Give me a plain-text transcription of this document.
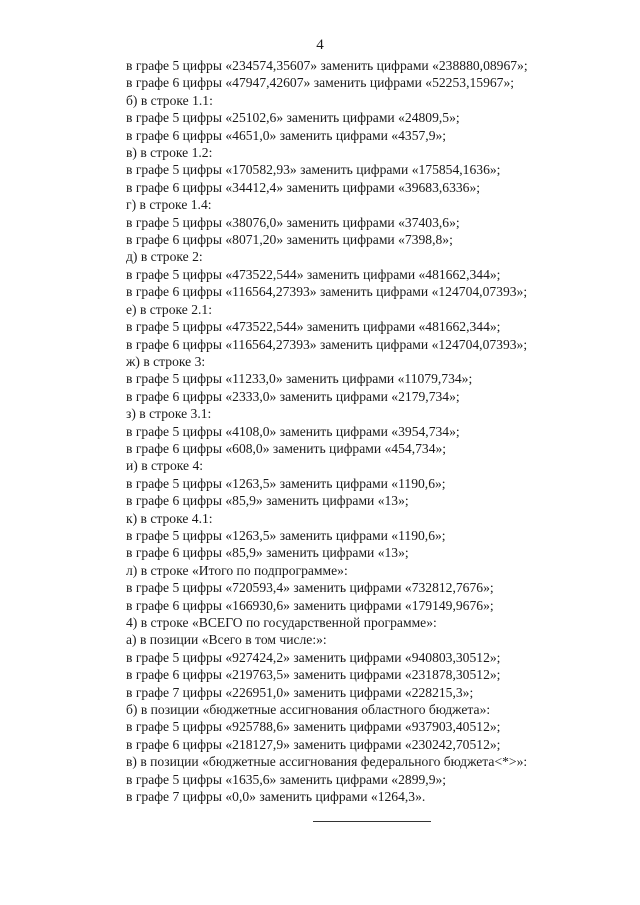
4
в графе 5 цифры «234574,35607» заменить цифрами «238880,08967»;
в графе 6 цифры «47947,42607» заменить цифрами «52253,15967»;
б) в строке 1.1:
в графе 5 цифры «25102,6» заменить цифрами «24809,5»;
в графе 6 цифры «4651,0» заменить цифрами «4357,9»;
в) в строке 1.2:
в графе 5 цифры «170582,93» заменить цифрами «175854,1636»;
в графе 6 цифры «34412,4» заменить цифрами «39683,6336»;
г) в строке 1.4:
в графе 5 цифры «38076,0» заменить цифрами «37403,6»;
в графе 6 цифры «8071,20» заменить цифрами «7398,8»;
д) в строке 2:
в графе 5 цифры «473522,544» заменить цифрами «481662,344»;
в графе 6 цифры «116564,27393» заменить цифрами «124704,07393»;
е) в строке 2.1:
в графе 5 цифры «473522,544» заменить цифрами «481662,344»;
в графе 6 цифры «116564,27393» заменить цифрами «124704,07393»;
ж) в строке 3:
в графе 5 цифры «11233,0» заменить цифрами «11079,734»;
в графе 6 цифры «2333,0» заменить цифрами «2179,734»;
з) в строке 3.1:
в графе 5 цифры «4108,0» заменить цифрами «3954,734»;
в графе 6 цифры «608,0» заменить цифрами «454,734»;
и) в строке 4:
в графе 5 цифры «1263,5» заменить цифрами «1190,6»;
в графе 6 цифры «85,9» заменить цифрами «13»;
к) в строке 4.1:
в графе 5 цифры «1263,5» заменить цифрами «1190,6»;
в графе 6 цифры «85,9» заменить цифрами «13»;
л) в строке «Итого по подпрограмме»:
в графе 5 цифры «720593,4» заменить цифрами «732812,7676»;
в графе 6 цифры «166930,6» заменить цифрами «179149,9676»;
4) в строке «ВСЕГО по государственной программе»:
а) в позиции «Всего в том числе:»:
в графе 5 цифры «927424,2» заменить цифрами «940803,30512»;
в графе 6 цифры «219763,5» заменить цифрами «231878,30512»;
в графе 7 цифры «226951,0» заменить цифрами «228215,3»;
б) в позиции «бюджетные ассигнования областного бюджета»:
в графе 5 цифры «925788,6» заменить цифрами «937903,40512»;
в графе 6 цифры «218127,9» заменить цифрами «230242,70512»;
в) в позиции «бюджетные ассигнования федерального бюджета<*>»:
в графе 5 цифры «1635,6» заменить цифрами «2899,9»;
в графе 7 цифры «0,0» заменить цифрами «1264,3».
